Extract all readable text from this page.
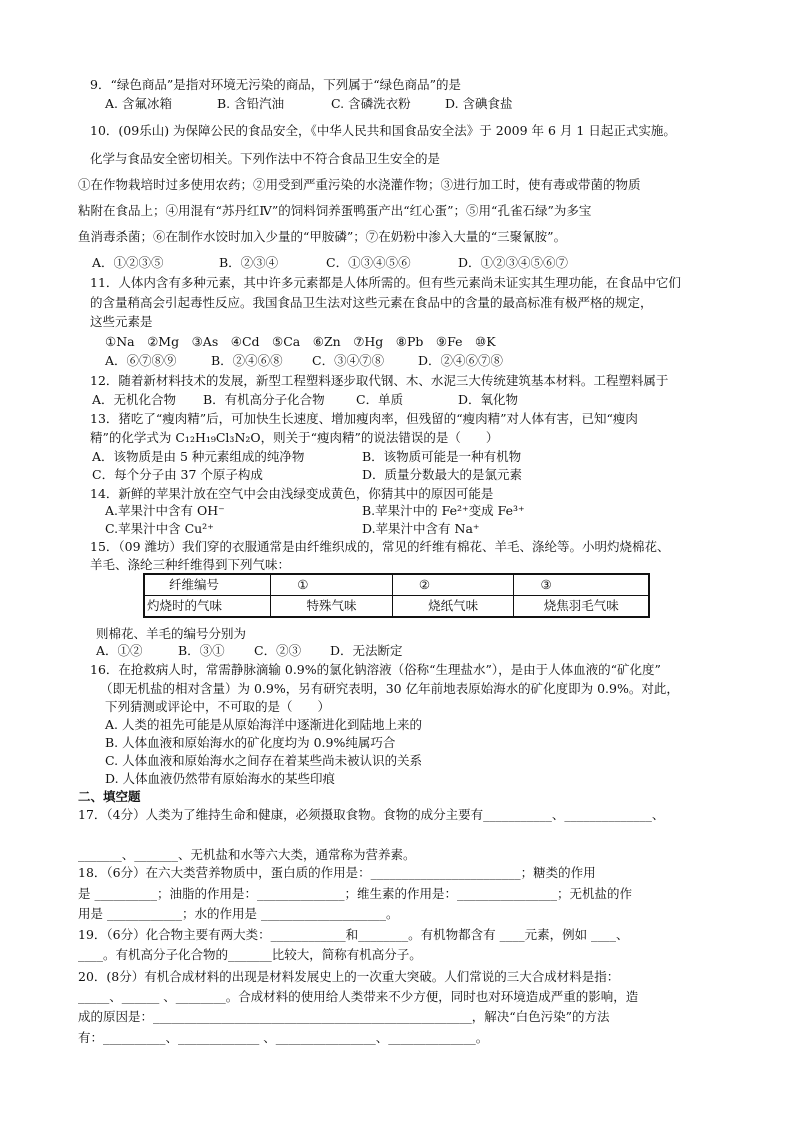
9．“绿色商品”是指对环境无污染的商品，下列属于“绿色商品”的是
A. 含氟冰箱	B. 含铅汽油	C. 含磷洗衣粉	D. 含碘食盐
10．(09乐山) 为保障公民的食品安全，《中华人民共和国食品安全法》于 2009 年 6 月 1 日起正式实施。
化学与食品安全密切相关。下列作法中不符合食品卫生安全的是
①在作物栽培时过多使用农药；②用受到严重污染的水浇灌作物；③进行加工时，使有毒或带菌的物质
粘附在食品上；④用混有“苏丹红Ⅳ”的饲料饲养蛋鸭蛋产出“红心蛋”；⑤用“孔雀石绿”为多宝
鱼消毒杀菌；⑥在制作水饺时加入少量的“甲胺磷”；⑦在奶粉中渗入大量的“三聚氰胺”。
A．①②③⑤	B．②③④	C．①③④⑤⑥	D．①②③④⑤⑥⑦
11．人体内含有多种元素，其中许多元素都是人体所需的。但有些元素尚未证实其生理功能，在食品中它们
的含量稍高会引起毒性反应。我国食品卫生法对这些元素在食品中的含量的最高标准有极严格的规定，
这些元素是
①Na　②Mg　③As　④Cd　⑤Ca　⑥Zn　⑦Hg　⑧Pb　⑨Fe　⑩K
A．⑥⑦⑧⑨	B．②④⑥⑧ C．③④⑦⑧	D．②④⑥⑦⑧
12．随着新材料技术的发展，新型工程塑料逐步取代钢、木、水泥三大传统建筑基本材料。工程塑料属于
A．无机化合物 B．有机高分子化合物	C．单质	D．氧化物
13．猪吃了“瘦肉精”后，可加快生长速度、增加瘦肉率，但残留的“瘦肉精”对人体有害，已知“瘦肉
精”的化学式为 C₁₂H₁₉Cl₃N₂O，则关于“瘦肉精”的说法错误的是（　　）
A．该物质是由 5 种元素组成的纯净物	B．该物质可能是一种有机物
C．每个分子由 37 个原子构成	D．质量分数最大的是氯元素
14．新鲜的苹果汁放在空气中会由浅绿变成黄色，你猜其中的原因可能是
A.苹果汁中含有 OH⁻	B.苹果汁中的 Fe²⁺变成 Fe³⁺
C.苹果汁中含 Cu²⁺	D.苹果汁中含有 Na⁺
15．（09 潍坊）我们穿的衣服通常是由纤维织成的，常见的纤维有棉花、羊毛、涤纶等。小明灼烧棉花、
羊毛、涤纶三种纤维得到下列气味：
纤维编号	①	②	③
灼烧时的气味	特殊气味	烧纸气味	烧焦羽毛气味
则棉花、羊毛的编号分别为
A．①②	B．③① C．②③ D．无法断定
16．在抢救病人时，常需静脉滴输 0.9%的氯化钠溶液（俗称“生理盐水”），是由于人体血液的“矿化度”
（即无机盐的相对含量）为 0.9%，另有研究表明，30 亿年前地表原始海水的矿化度即为 0.9%。对此，
下列猜测或评论中，不可取的是（　　）
A. 人类的祖先可能是从原始海洋中逐渐进化到陆地上来的
B. 人体血液和原始海水的矿化度均为 0.9%纯属巧合
C. 人体血液和原始海水之间存在着某些尚未被认识的关系
D. 人体血液仍然带有原始海水的某些印痕
二、填空题
17．（4分）人类为了维持生命和健康，必须摄取食物。食物的成分主要有___________、______________、
_______、_______、无机盐和水等六大类，通常称为营养素。
18．（6分）在六大类营养物质中，蛋白质的作用是：________________________；糖类的作用
是 __________；油脂的作用是：______________；维生素的作用是：________________；无机盐的作
用是 ____________；水的作用是 ____________________。
19．（6分）化合物主要有两大类：____________和________。有机物都含有 ____元素，例如 ____、
____。有机高分子化合物的_______比较大，简称有机高分子。
20．(8分）有机合成材料的出现是材料发展史上的一次重大突破。人们常说的三大合成材料是指：
_____、______ 、________。合成材料的使用给人类带来不少方便，同时也对环境造成严重的影响，造
成的原因是：___________________________________________________，解决“白色污染”的方法
有：__________、_____________ 、________________、______________。
